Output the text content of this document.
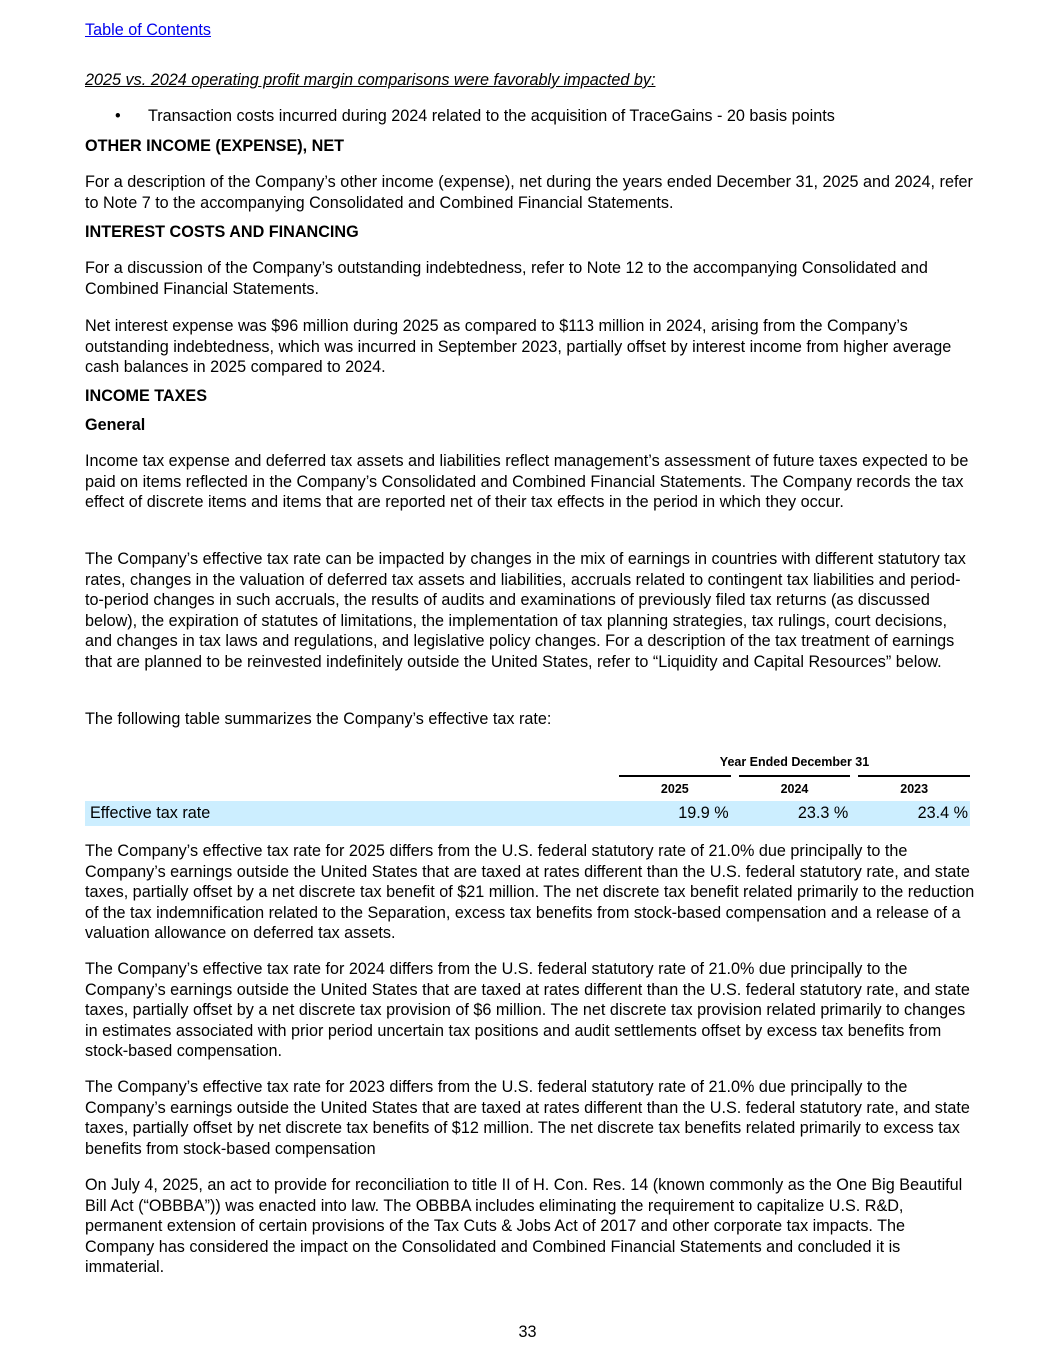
Table of Contents

2025 vs. 2024 operating profit margin comparisons were favorably impacted by:

• Transaction costs incurred during 2024 related to the acquisition of TraceGains - 20 basis points

OTHER INCOME (EXPENSE), NET

For a description of the Company’s other income (expense), net during the years ended December 31, 2025 and 2024, refer to Note 7 to the accompanying Consolidated and Combined Financial Statements.

INTEREST COSTS AND FINANCING

For a discussion of the Company’s outstanding indebtedness, refer to Note 12 to the accompanying Consolidated and Combined Financial Statements.

Net interest expense was $96 million during 2025 as compared to $113 million in 2024, arising from the Company’s outstanding indebtedness, which was incurred in September 2023, partially offset by interest income from higher average cash balances in 2025 compared to 2024.

INCOME TAXES

General

Income tax expense and deferred tax assets and liabilities reflect management’s assessment of future taxes expected to be paid on items reflected in the Company’s Consolidated and Combined Financial Statements. The Company records the tax effect of discrete items and items that are reported net of their tax effects in the period in which they occur.

The Company’s effective tax rate can be impacted by changes in the mix of earnings in countries with different statutory tax rates, changes in the valuation of deferred tax assets and liabilities, accruals related to contingent tax liabilities and period-to-period changes in such accruals, the results of audits and examinations of previously filed tax returns (as discussed below), the expiration of statutes of limitations, the implementation of tax planning strategies, tax rulings, court decisions, and changes in tax laws and regulations, and legislative policy changes. For a description of the tax treatment of earnings that are planned to be reinvested indefinitely outside the United States, refer to “Liquidity and Capital Resources” below.

The following table summarizes the Company’s effective tax rate:

	Year Ended December 31				
	2025		2024		2023
Effective tax rate	19.9 %		23.3 %		23.4 %

The Company’s effective tax rate for 2025 differs from the U.S. federal statutory rate of 21.0% due principally to the Company’s earnings outside the United States that are taxed at rates different than the U.S. federal statutory rate, and state taxes, partially offset by a net discrete tax benefit of $21 million. The net discrete tax benefit related primarily to the reduction of the tax indemnification related to the Separation, excess tax benefits from stock-based compensation and a release of a valuation allowance on deferred tax assets.

The Company’s effective tax rate for 2024 differs from the U.S. federal statutory rate of 21.0% due principally to the Company’s earnings outside the United States that are taxed at rates different than the U.S. federal statutory rate, and state taxes, partially offset by a net discrete tax provision of $6 million. The net discrete tax provision related primarily to changes in estimates associated with prior period uncertain tax positions and audit settlements offset by excess tax benefits from stock-based compensation.

The Company’s effective tax rate for 2023 differs from the U.S. federal statutory rate of 21.0% due principally to the Company’s earnings outside the United States that are taxed at rates different than the U.S. federal statutory rate, and state taxes, partially offset by net discrete tax benefits of $12 million. The net discrete tax benefits related primarily to excess tax benefits from stock-based compensation

On July 4, 2025, an act to provide for reconciliation to title II of H. Con. Res. 14 (known commonly as the One Big Beautiful Bill Act (“OBBBA”)) was enacted into law. The OBBBA includes eliminating the requirement to capitalize U.S. R&D, permanent extension of certain provisions of the Tax Cuts & Jobs Act of 2017 and other corporate tax impacts. The Company has considered the impact on the Consolidated and Combined Financial Statements and concluded it is immaterial.

33
